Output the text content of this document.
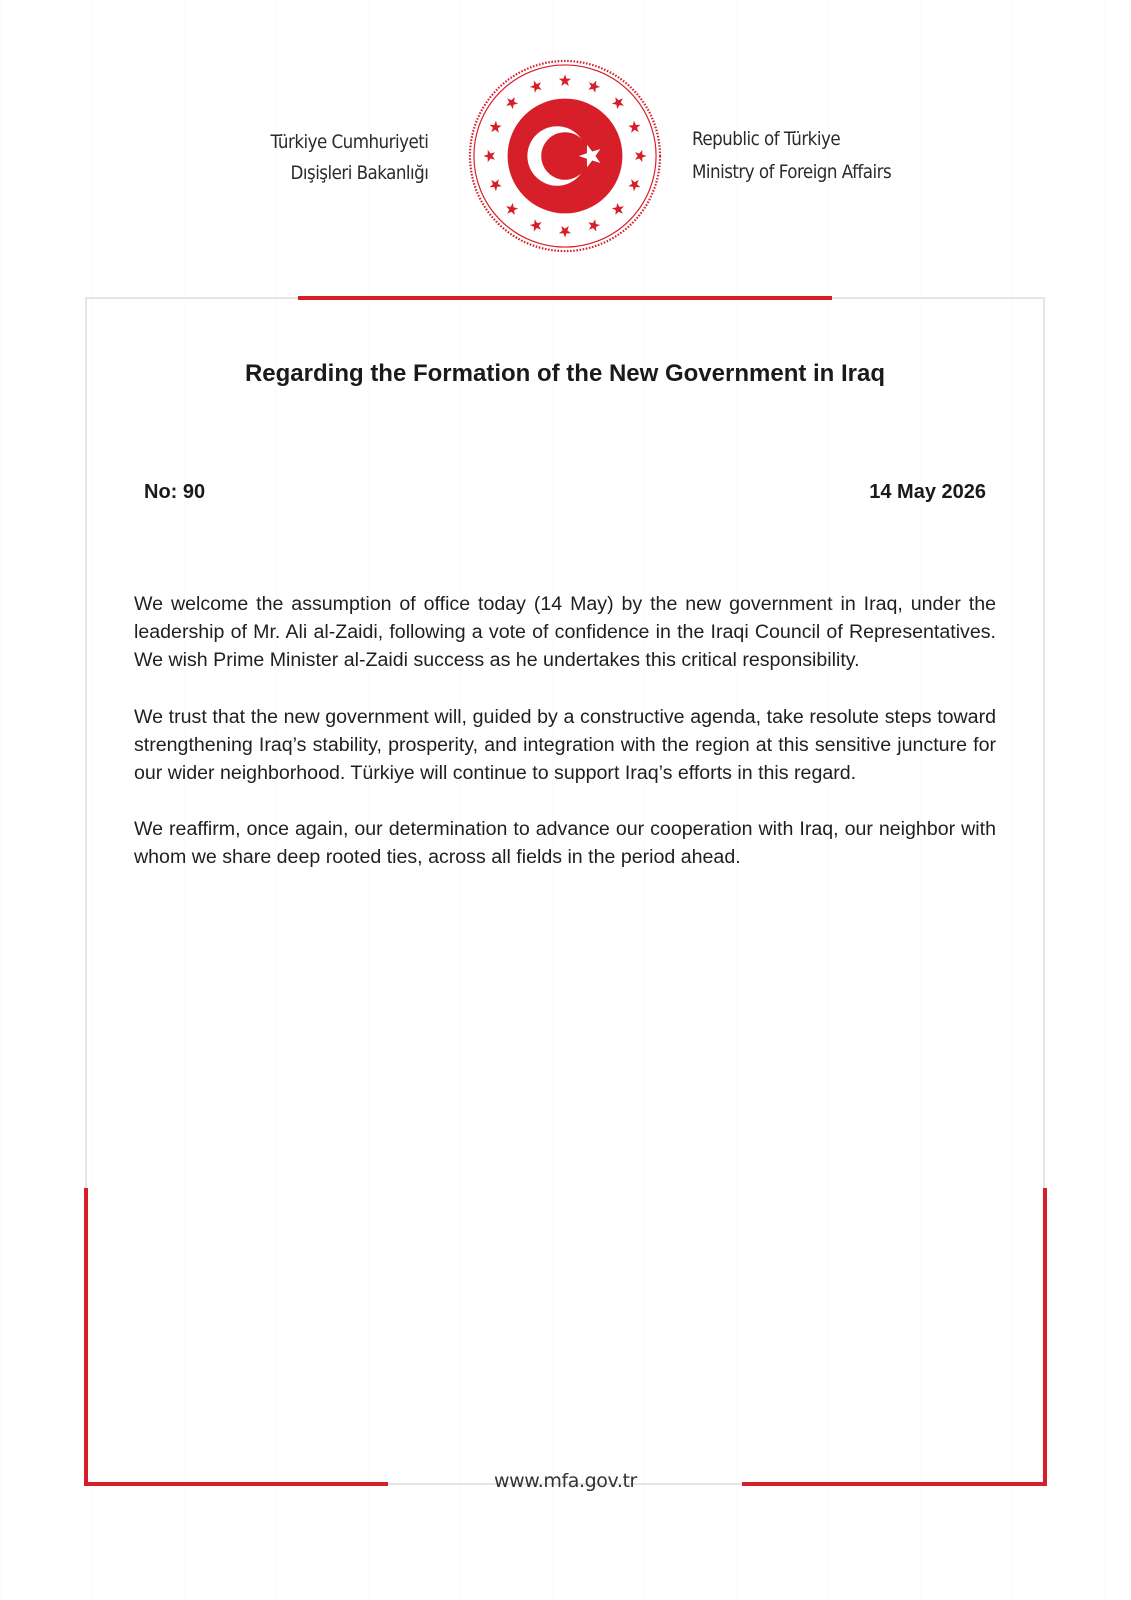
Türkiye Cumhuriyeti
Dışişleri Bakanlığı
Republic of Türkiye
Ministry of Foreign Affairs
Regarding the Formation of the New Government in Iraq
No: 90	14 May 2026

We welcome the assumption of office today (14 May) by the new government in Iraq, under the leadership of Mr. Ali al-Zaidi, following a vote of confidence in the Iraqi Council of Representatives. We wish Prime Minister al-Zaidi success as he undertakes this critical responsibility.

We trust that the new government will, guided by a constructive agenda, take resolute steps toward strengthening Iraq’s stability, prosperity, and integration with the region at this sensitive juncture for our wider neighborhood. Türkiye will continue to support Iraq’s efforts in this regard.

We reaffirm, once again, our determination to advance our cooperation with Iraq, our neighbor with whom we share deep rooted ties, across all fields in the period ahead.

www.mfa.gov.tr
